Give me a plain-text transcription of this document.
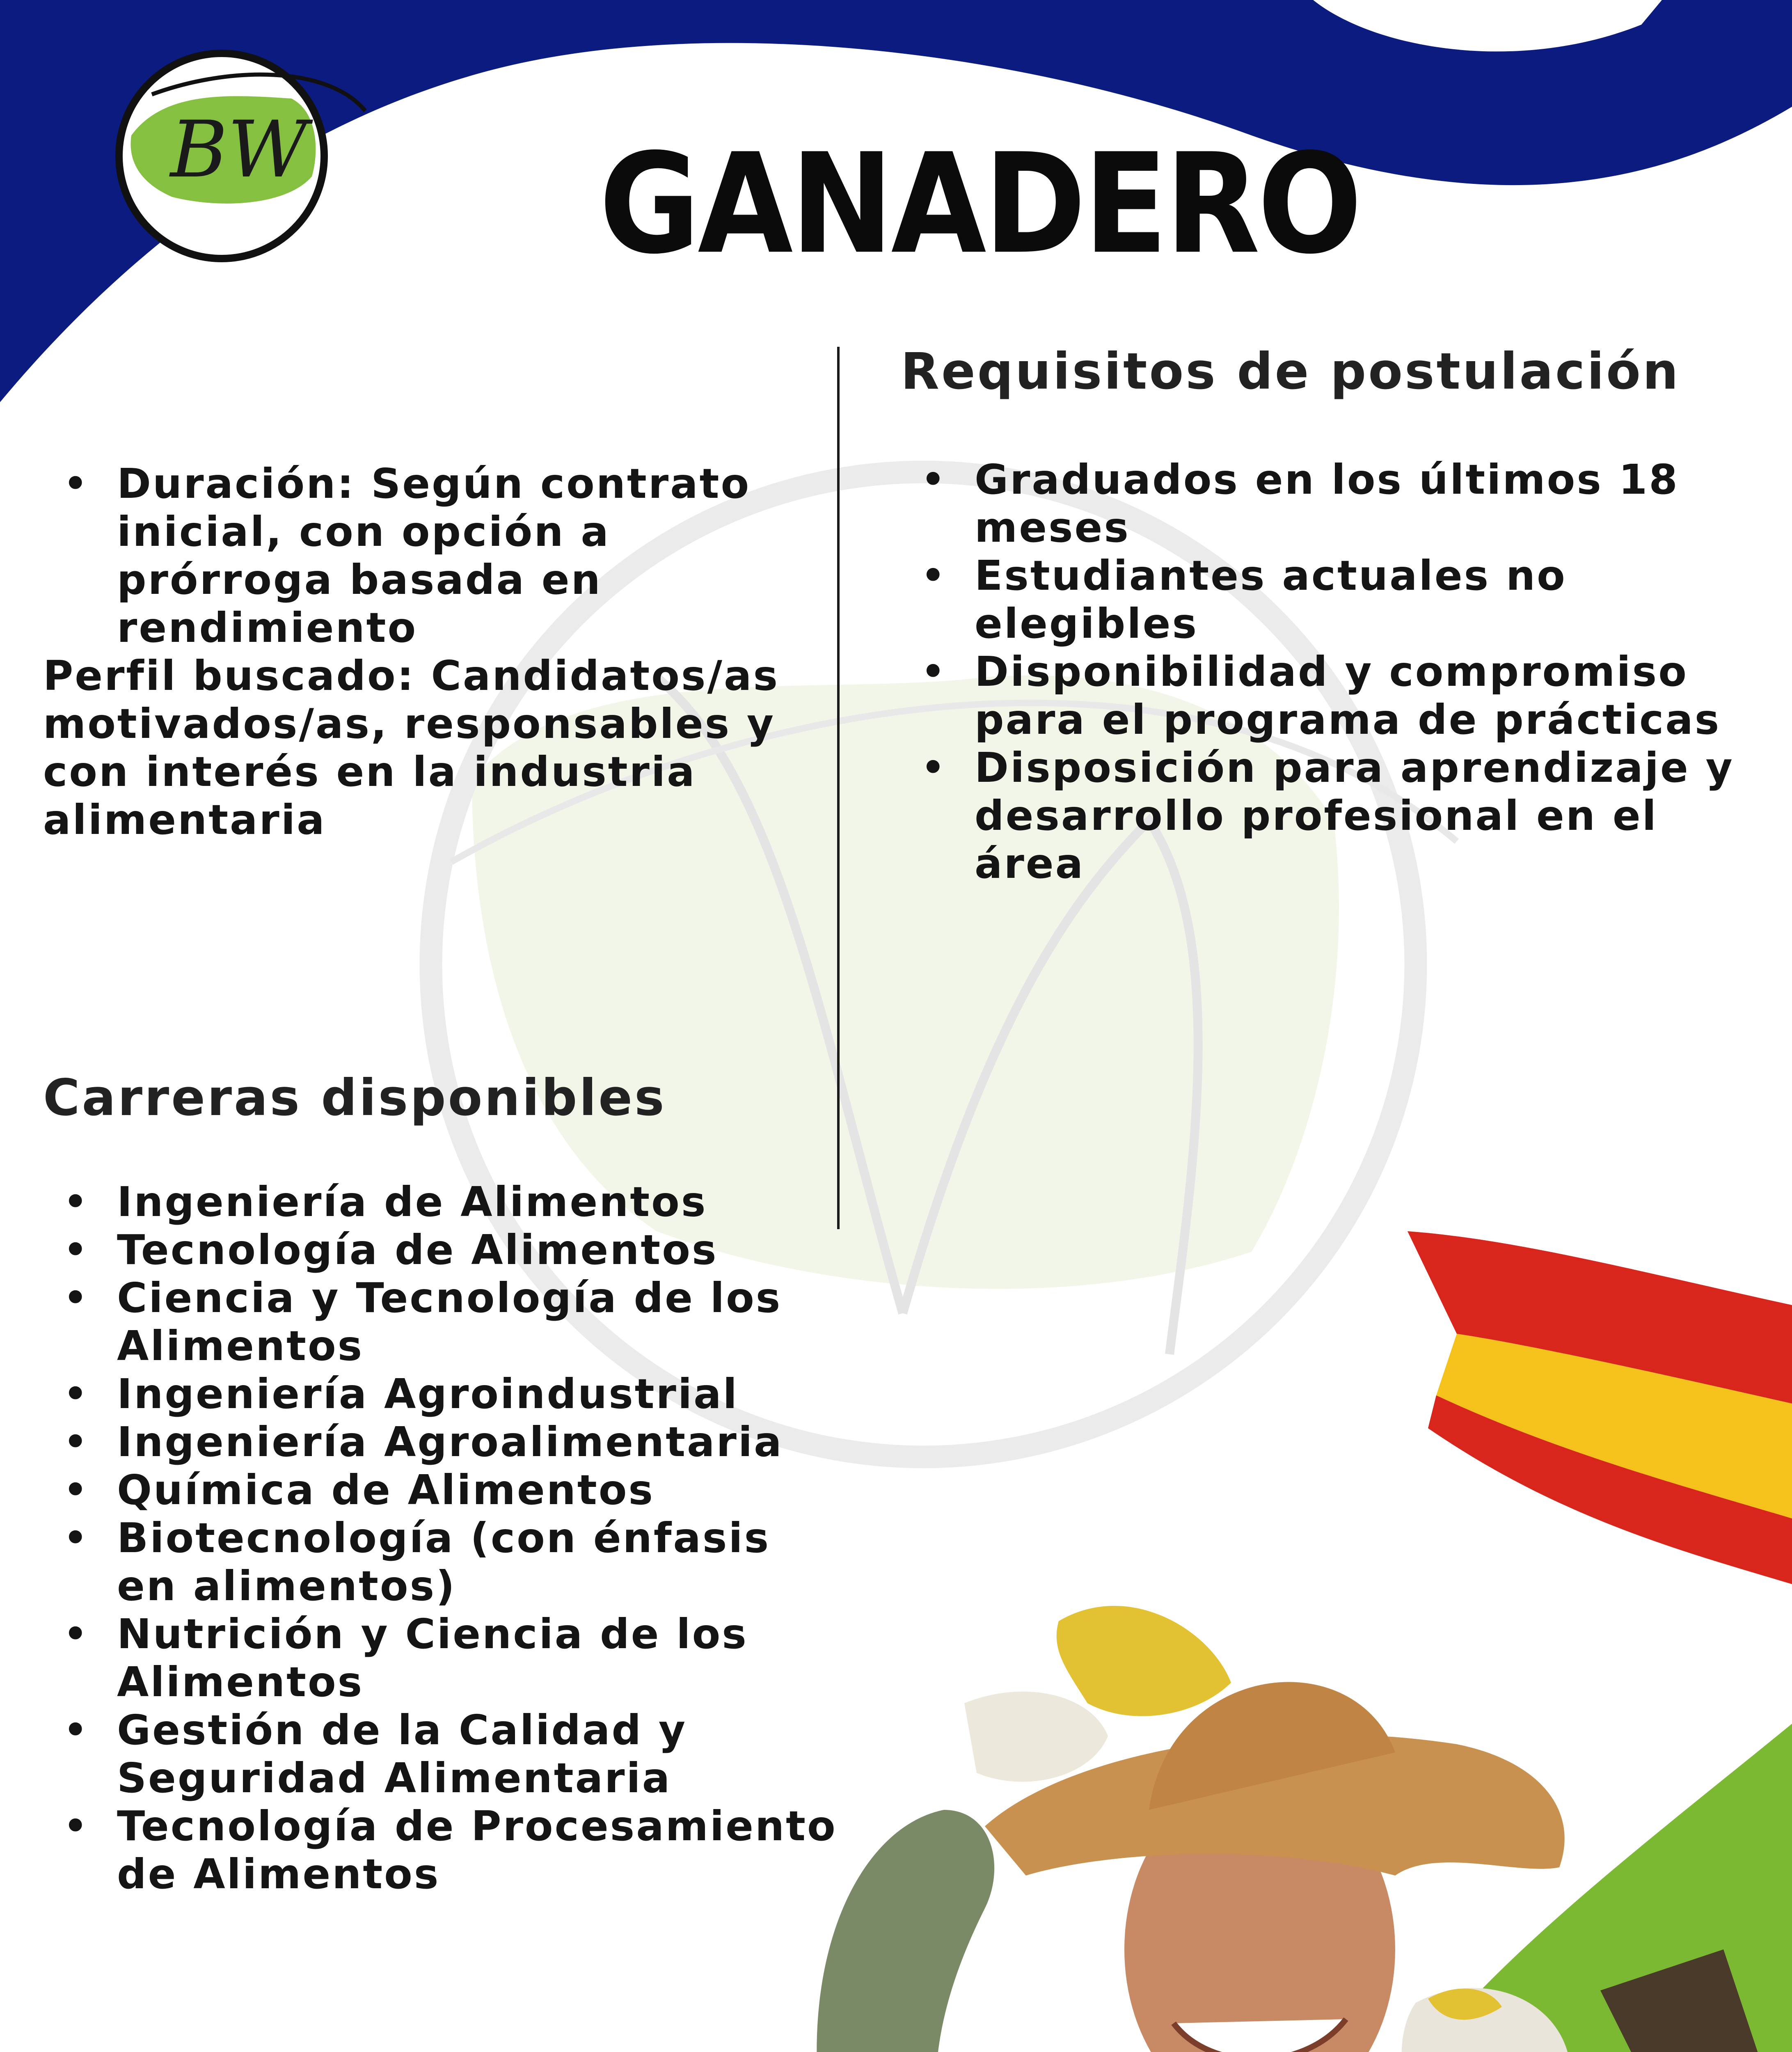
BW GANADERO
• Duración: Según contrato inicial, con opción a prórroga basada en rendimiento
Perfil buscado: Candidatos/as motivados/as, responsables y con interés en la industria alimentaria
Requisitos de postulación
• Graduados en los últimos 18 meses
• Estudiantes actuales no elegibles
• Disponibilidad y compromiso para el programa de prácticas
• Disposición para aprendizaje y desarrollo profesional en el área
Carreras disponibles
• Ingeniería de Alimentos
• Tecnología de Alimentos
• Ciencia y Tecnología de los Alimentos
• Ingeniería Agroindustrial
• Ingeniería Agroalimentaria
• Química de Alimentos
• Biotecnología (con énfasis en alimentos)
• Nutrición y Ciencia de los Alimentos
• Gestión de la Calidad y Seguridad Alimentaria
• Tecnología de Procesamiento de Alimentos
